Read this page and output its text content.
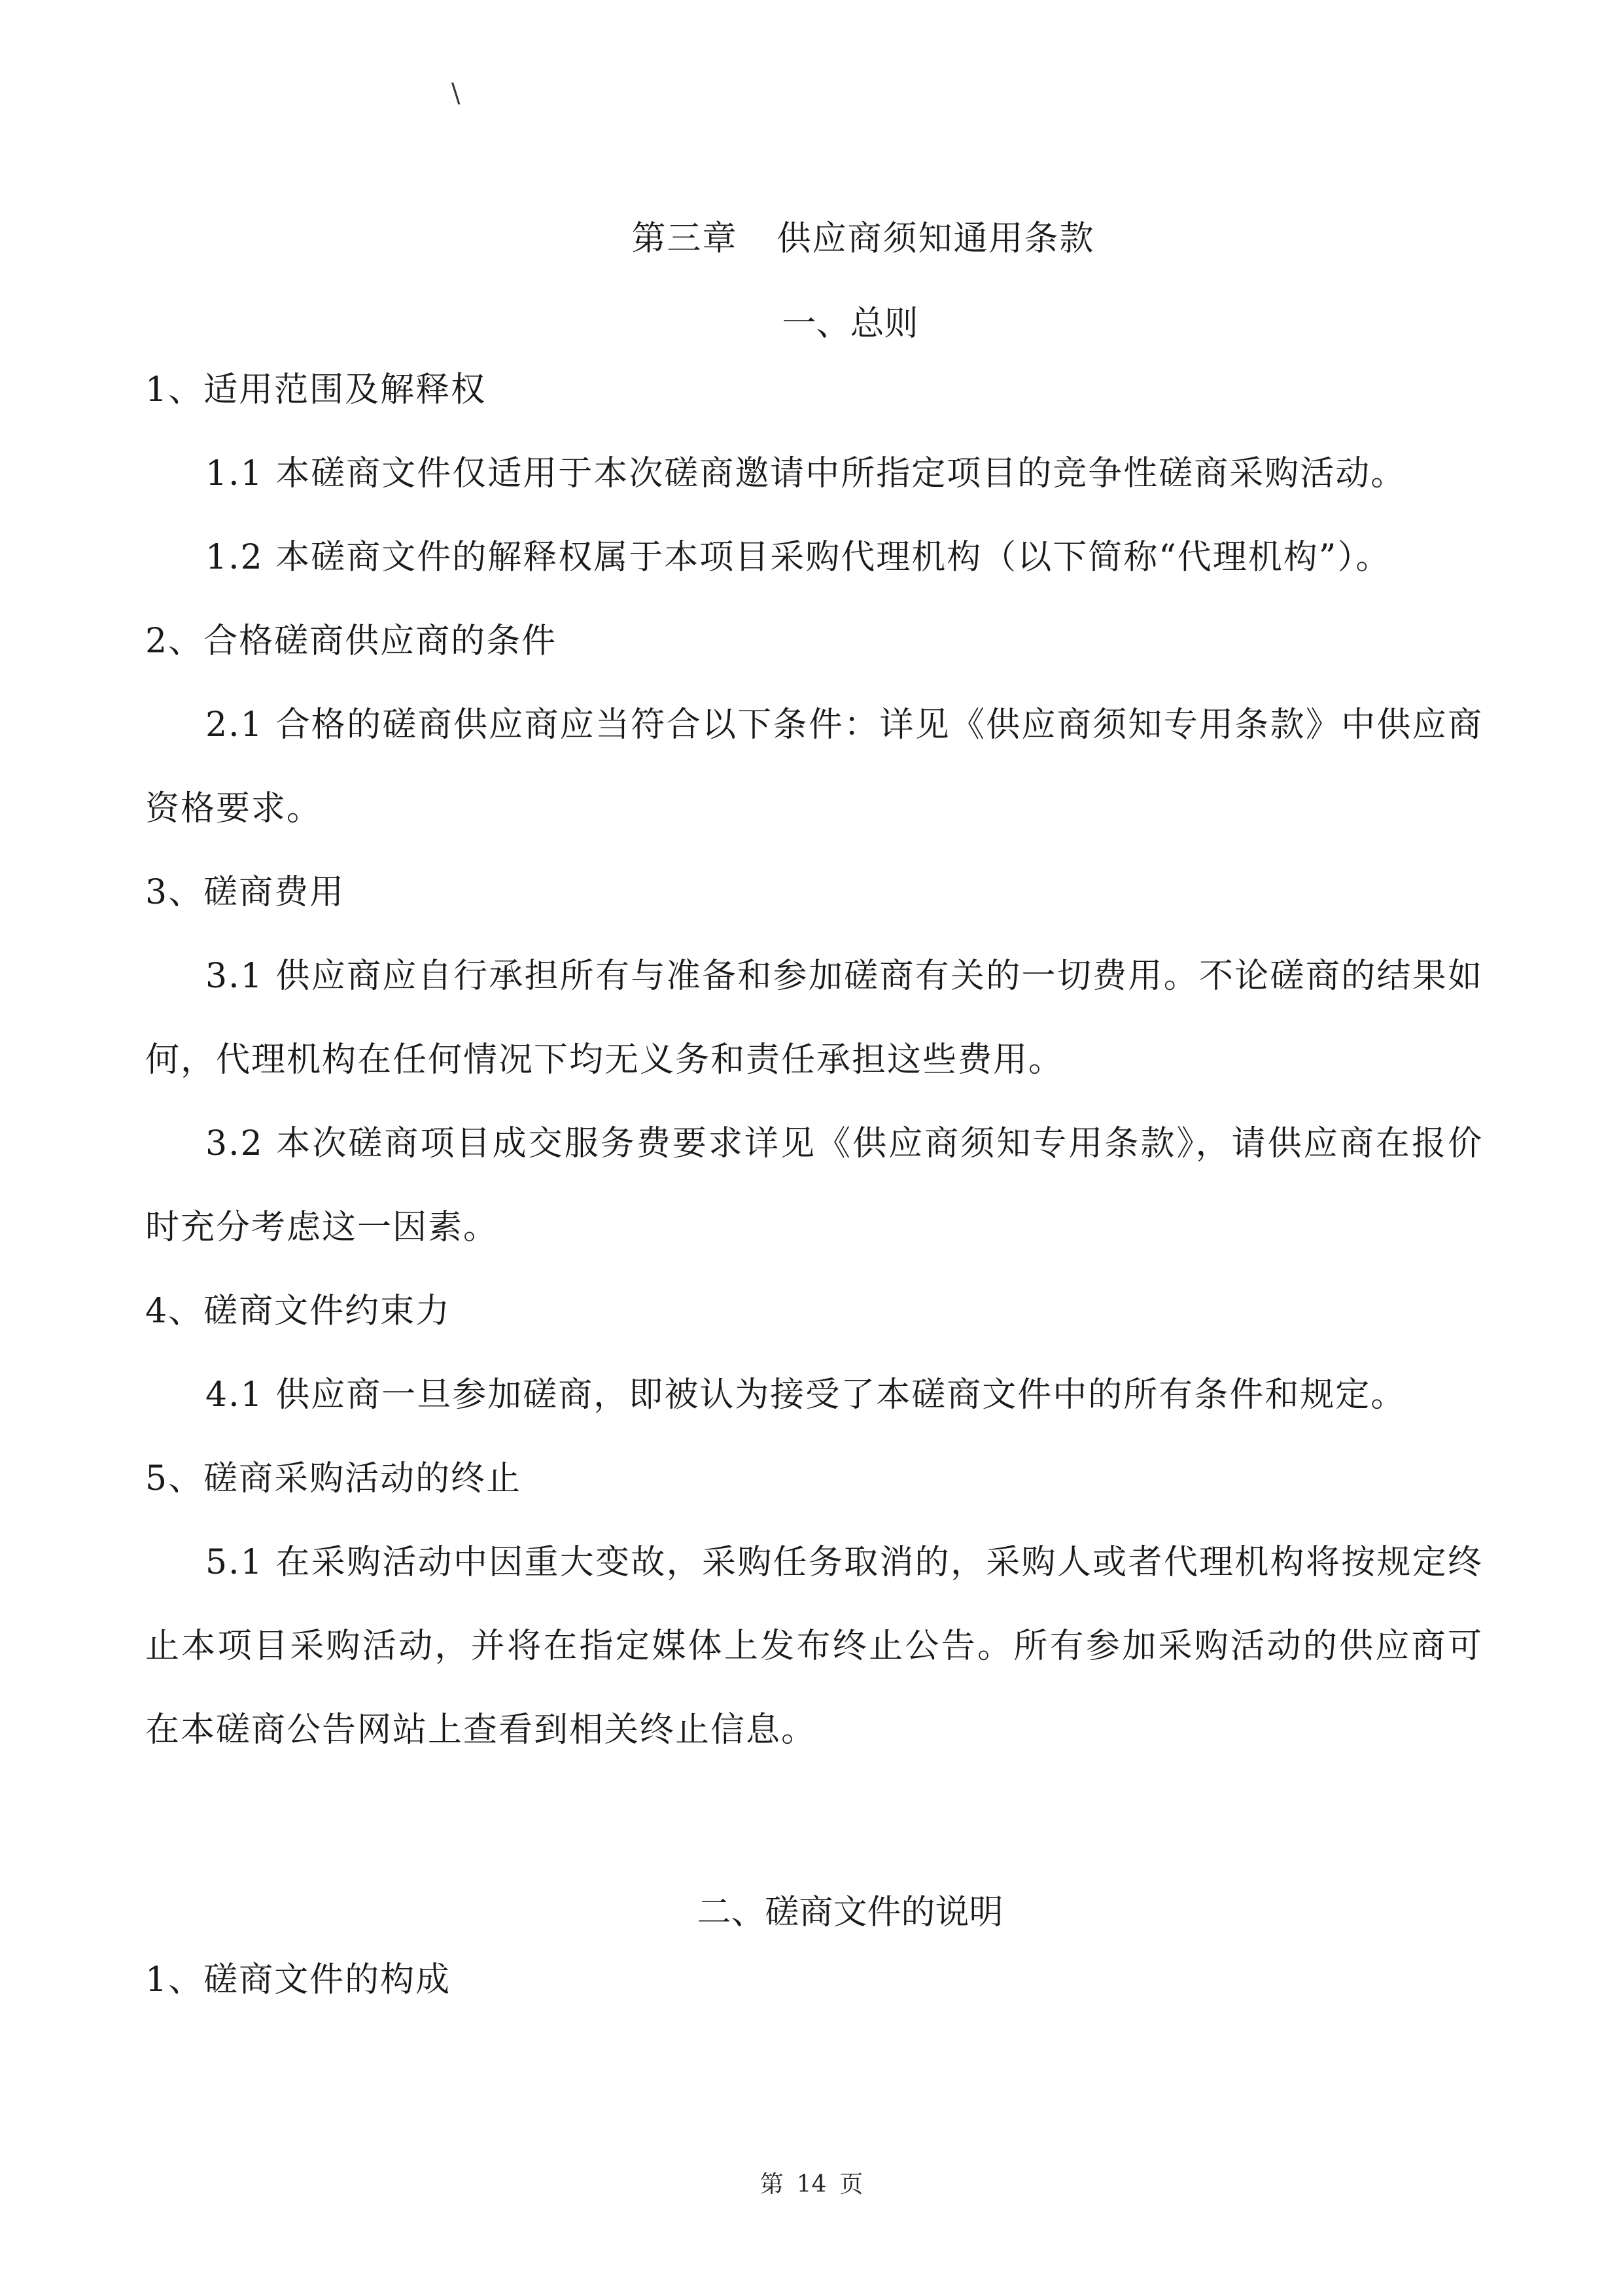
\
第三章 供应商须知通用条款
一、总则
1、适用范围及解释权

1.1 本磋商文件仅适用于本次磋商邀请中所指定项目的竞争性磋商采购活动。

1.2 本磋商文件的解释权属于本项目采购代理机构（以下简称“代理机构”）。

2、合格磋商供应商的条件

2.1 合格的磋商供应商应当符合以下条件：详见《供应商须知专用条款》中供应商资格要求。

3、磋商费用

3.1 供应商应自行承担所有与准备和参加磋商有关的一切费用。不论磋商的结果如何，代理机构在任何情况下均无义务和责任承担这些费用。

3.2 本次磋商项目成交服务费要求详见《供应商须知专用条款》，请供应商在报价时充分考虑这一因素。

4、磋商文件约束力

4.1 供应商一旦参加磋商，即被认为接受了本磋商文件中的所有条件和规定。

5、磋商采购活动的终止

5.1 在采购活动中因重大变故，采购任务取消的，采购人或者代理机构将按规定终止本项目采购活动，并将在指定媒体上发布终止公告。所有参加采购活动的供应商可在本磋商公告网站上查看到相关终止信息。

二、磋商文件的说明
1、磋商文件的构成
第 14 页
